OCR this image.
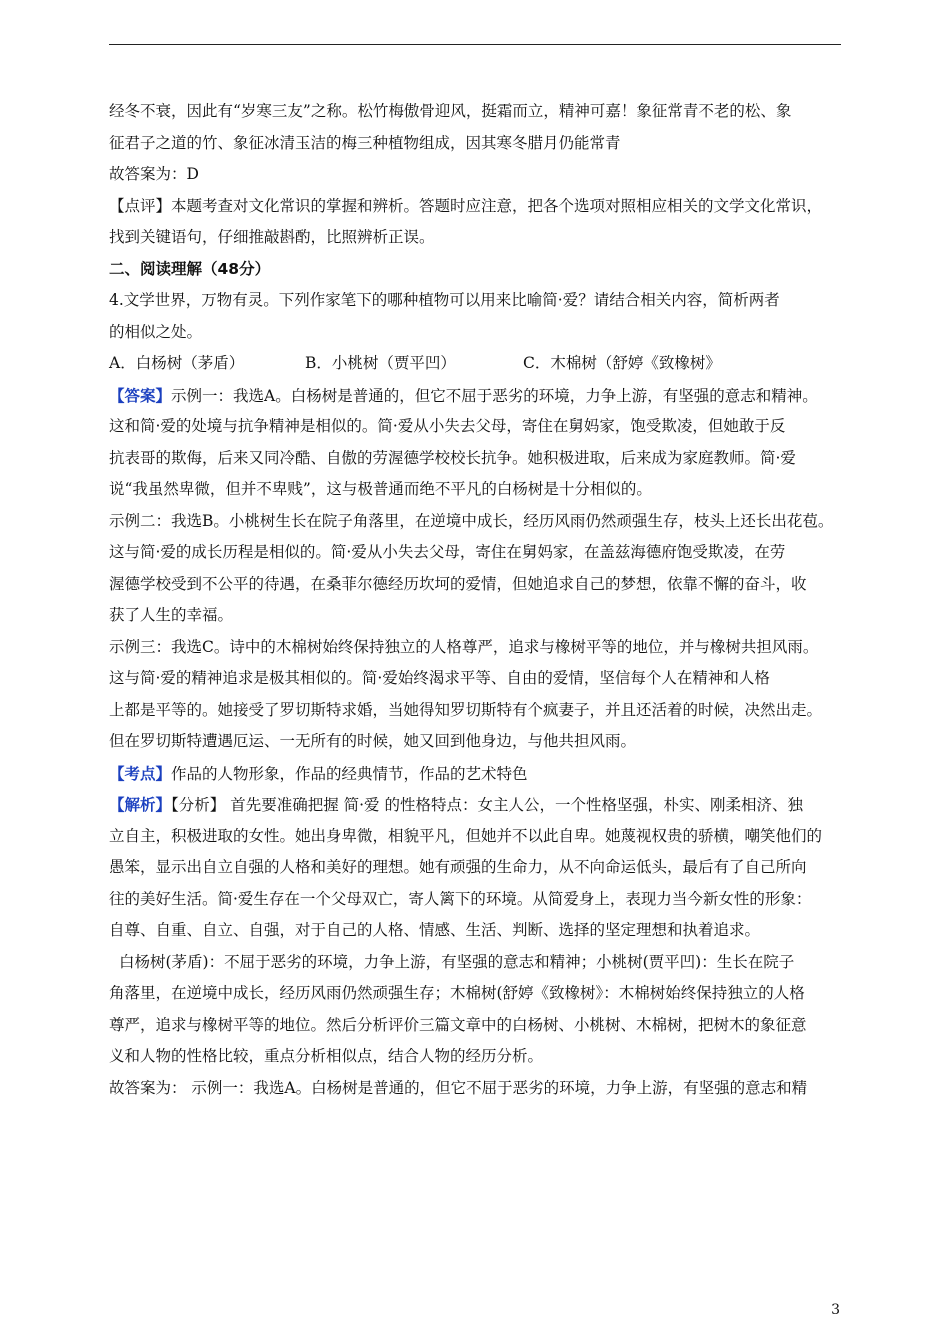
经冬不衰，因此有“岁寒三友”之称。松竹梅傲骨迎风，挺霜而立，精神可嘉！象征常青不老的松、象

征君子之道的竹、象征冰清玉洁的梅三种植物组成，因其寒冬腊月仍能常青

故答案为：D

【点评】本题考查对文化常识的掌握和辨析。答题时应注意，把各个选项对照相应相关的文学文化常识，

找到关键语句，仔细推敲斟酌，比照辨析正误。

二、阅读理解（48分）

4.文学世界，万物有灵。下列作家笔下的哪种植物可以用来比喻简·爱？请结合相关内容，简析两者

的相似之处。

A．白杨树（茅盾）	B．小桃树（贾平凹）	C．木棉树（舒婷《致橡树》

【答案】示例一：我选A。白杨树是普通的，但它不屈于恶劣的环境，力争上游，有坚强的意志和精神。

这和简·爱的处境与抗争精神是相似的。简·爱从小失去父母，寄住在舅妈家，饱受欺凌，但她敢于反

抗表哥的欺侮，后来又同冷酷、自傲的劳渥德学校校长抗争。她积极进取，后来成为家庭教师。简·爱

说“我虽然卑微，但并不卑贱”，这与极普通而绝不平凡的白杨树是十分相似的。

示例二：我选B。小桃树生长在院子角落里，在逆境中成长，经历风雨仍然顽强生存，枝头上还长出花苞。

这与简·爱的成长历程是相似的。简·爱从小失去父母，寄住在舅妈家，在盖兹海德府饱受欺凌，在劳

渥德学校受到不公平的待遇，在桑菲尔德经历坎坷的爱情，但她追求自己的梦想，依靠不懈的奋斗，收

获了人生的幸福。

示例三：我选C。诗中的木棉树始终保持独立的人格尊严，追求与橡树平等的地位，并与橡树共担风雨。

这与简·爱的精神追求是极其相似的。简·爱始终渴求平等、自由的爱情，坚信每个人在精神和人格

上都是平等的。她接受了罗切斯特求婚，当她得知罗切斯特有个疯妻子，并且还活着的时候，决然出走。

但在罗切斯特遭遇厄运、一无所有的时候，她又回到他身边，与他共担风雨。

【考点】作品的人物形象，作品的经典情节，作品的艺术特色

【解析】【分析】 首先要准确把握 简·爱 的性格特点：女主人公，一个性格坚强，朴实、刚柔相济、独

立自主，积极进取的女性。她出身卑微，相貌平凡，但她并不以此自卑。她蔑视权贵的骄横，嘲笑他们的

愚笨，显示出自立自强的人格和美好的理想。她有顽强的生命力，从不向命运低头，最后有了自己所向

往的美好生活。简·爱生存在一个父母双亡，寄人篱下的环境。从简爱身上，表现力当今新女性的形象：

自尊、自重、自立、自强，对于自己的人格、情感、生活、判断、选择的坚定理想和执着追求。

白杨树(茅盾)：不屈于恶劣的环境，力争上游，有坚强的意志和精神；小桃树(贾平凹)：生长在院子

角落里，在逆境中成长，经历风雨仍然顽强生存；木棉树(舒婷《致橡树》：木棉树始终保持独立的人格

尊严，追求与橡树平等的地位。然后分析评价三篇文章中的白杨树、小桃树、木棉树，把树木的象征意

义和人物的性格比较，重点分析相似点，结合人物的经历分析。

故答案为： 示例一：我选A。白杨树是普通的，但它不屈于恶劣的环境，力争上游，有坚强的意志和精

3
